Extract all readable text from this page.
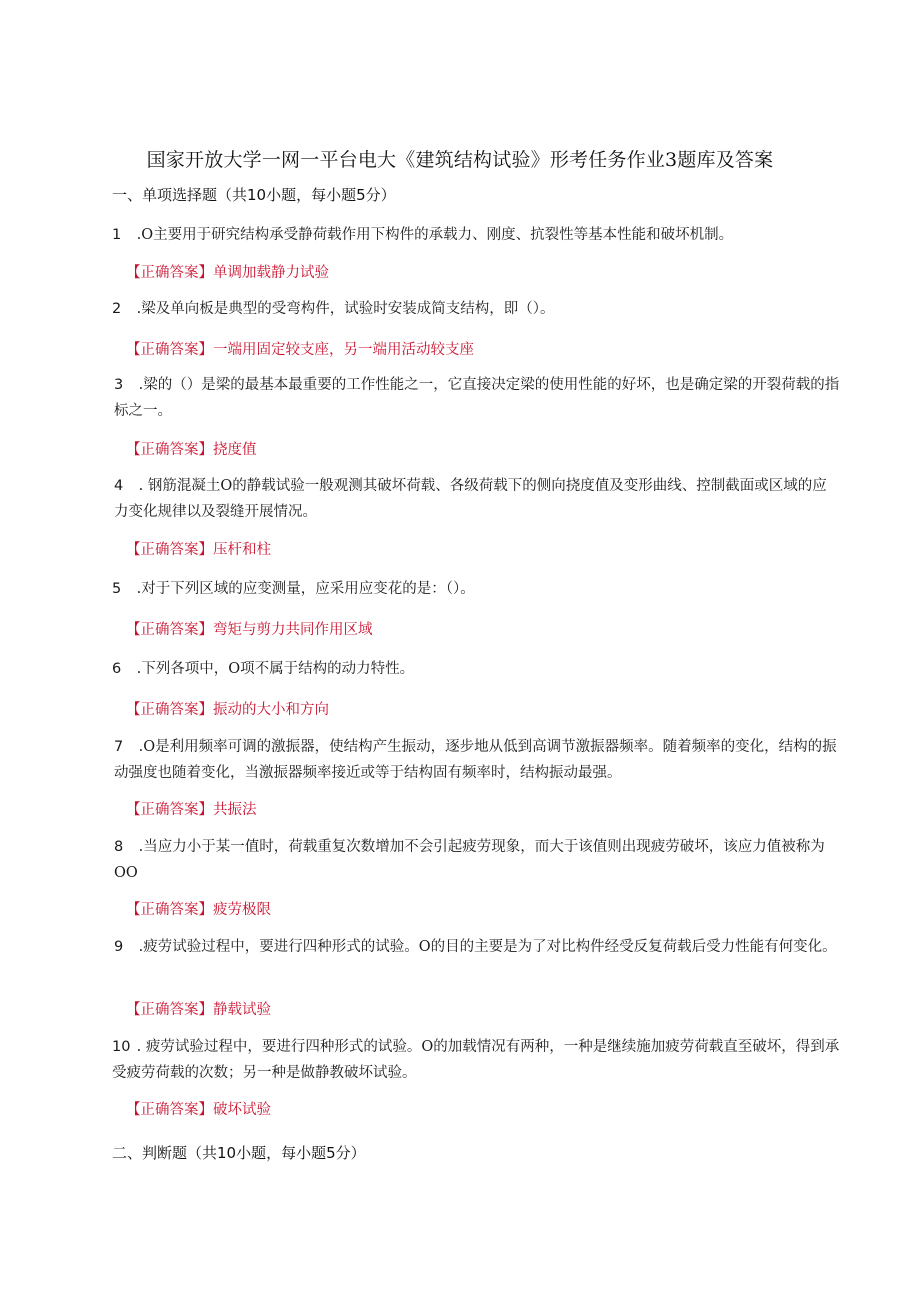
国家开放大学一网一平台电大《建筑结构试验》形考任务作业3题库及答案
一、单项选择题（共10小题，每小题5分）
1 .O主要用于研究结构承受静荷载作用下构件的承载力、刚度、抗裂性等基本性能和破坏机制。
【正确答案】单调加载静力试验
2 .梁及单向板是典型的受弯构件，试验时安装成简支结构，即（）。
【正确答案】一端用固定较支座，另一端用活动较支座
3 .梁的（）是梁的最基本最重要的工作性能之一，它直接决定梁的使用性能的好坏，也是确定梁的开裂荷载的指标之一。
【正确答案】挠度值
4 . 钢筋混凝土O的静载试验一般观测其破坏荷载、各级荷载下的侧向挠度值及变形曲线、控制截面或区域的应力变化规律以及裂缝开展情况。
【正确答案】压杆和柱
5 .对于下列区域的应变测量，应采用应变花的是：（）。
【正确答案】弯矩与剪力共同作用区域
6 .下列各项中，O项不属于结构的动力特性。
【正确答案】振动的大小和方向
7 .O是利用频率可调的激振器，使结构产生振动，逐步地从低到高调节激振器频率。随着频率的变化，结构的振动强度也随着变化，当激振器频率接近或等于结构固有频率时，结构振动最强。
【正确答案】共振法
8 .当应力小于某一值时，荷载重复次数增加不会引起疲劳现象，而大于该值则出现疲劳破坏，该应力值被称为OO
【正确答案】疲劳极限
9 .疲劳试验过程中，要进行四种形式的试验。O的目的主要是为了对比构件经受反复荷载后受力性能有何变化。
【正确答案】静载试验
10 . 疲劳试验过程中，要进行四种形式的试验。O的加载情况有两种，一种是继续施加疲劳荷载直至破坏，得到承受疲劳荷载的次数；另一种是做静教破坏试验。
【正确答案】破坏试验
二、判断题（共10小题，每小题5分）
